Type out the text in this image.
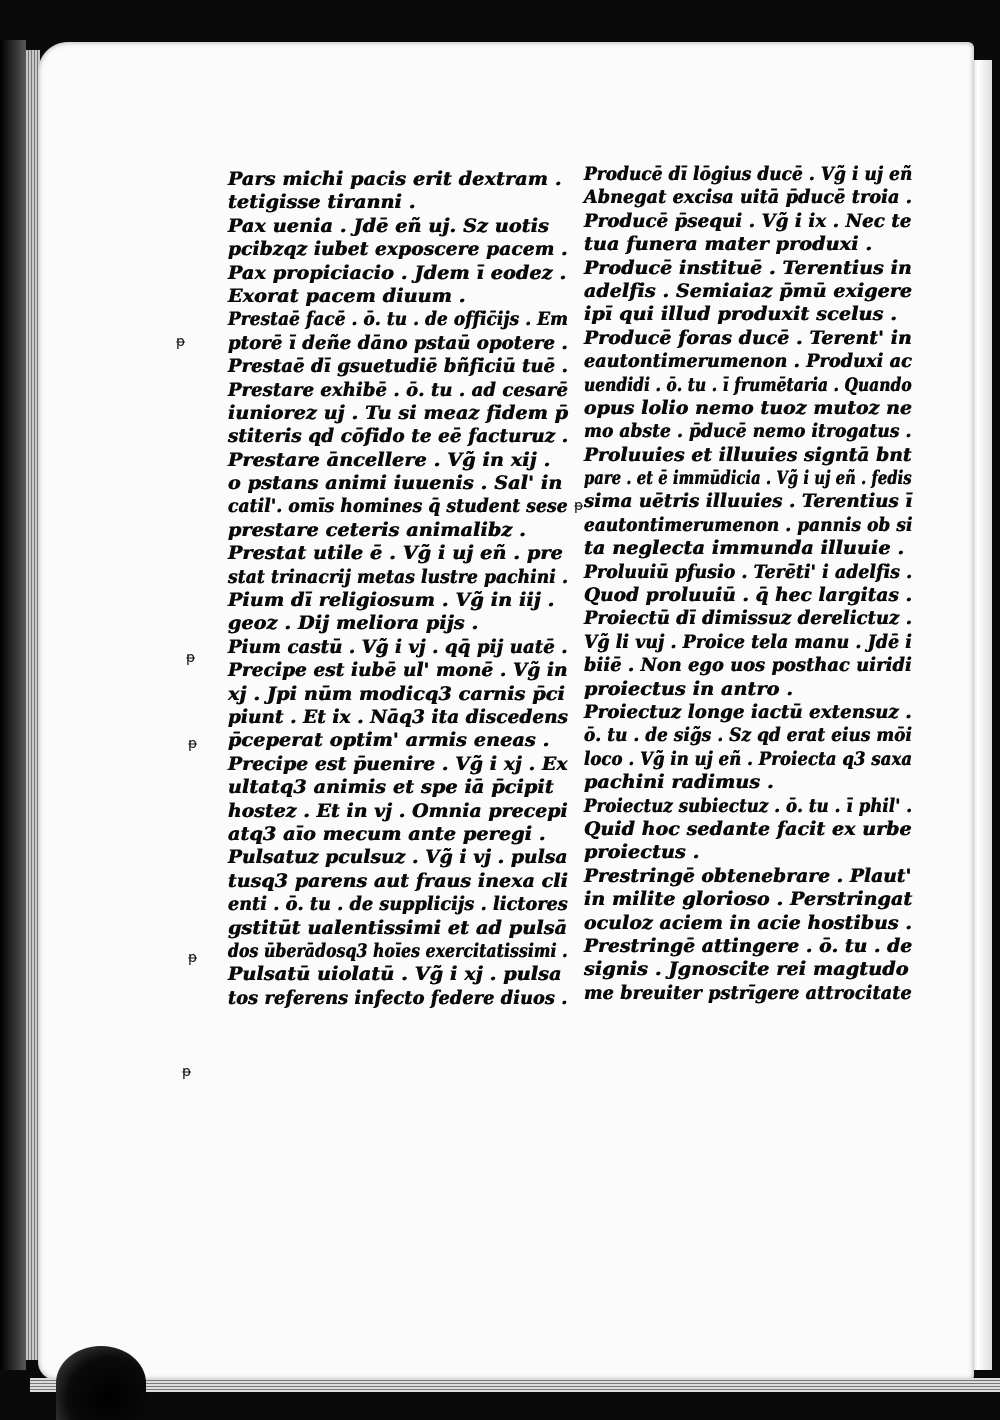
Pars michi pacis erit dextram .
tetigisse tiranni .
Pax uenia . Jdē eñ uj. Sz uotis
pcibzqz iubet exposcere pacem .
Pax propiciacio . Jdem ī eodez .
Exorat pacem diuum .
Prestaē facē . ō. tu . de offic̄ijs . Em
ptorē ī deñe dāno pstaū opotere .
Prestaē dī ɡsuetudiē bñficiū tuē .
Prestare exhibē . ō. tu . ad cesarē
iuniorez uj . Tu si meaz fidem p̄
stiteris qd cōfido te eē facturuz .
Prestare āncellere . Vg̃ in xij .
o pstans animi iuuenis . Sal' in
catil'. omīs homines q̄ student sese
prestare ceteris animalibz .
Prestat utile ē . Vg̃ i uj eñ . pre
stat trinacrij metas lustre pachini .
Pium dī religiosum . Vg̃ in iij .
geoz . Dij meliora pijs .
Pium castū . Vg̃ i vj . qq̄ pij uatē .
Precipe est iubē ul' monē . Vg̃ in
xj . Jpi nūm modicq3 carnis p̄ci
piunt . Et ix . Nāq3 ita discedens
p̄ceperat optim' armis eneas .
Precipe est p̄uenire . Vg̃ i xj . Ex
ultatq3 animis et spe iā p̄cipit
hostez . Et in vj . Omnia precepi
atq3 aīo mecum ante peregi .
Pulsatuz pculsuz . Vg̃ i vj . pulsa
tusq3 parens aut fraus inexa cli
enti . ō. tu . de supplicijs . lictores
ɡstitūt ualentissimi et ad pulsā
dos ūberādosq3 hoīes exercitatissimi .
Pulsatū uiolatū . Vg̃ i xj . pulsa
tos referens infecto federe diuos .
Producē dī lōgius ducē . Vg̃ i uj eñ
Abnegat excisa uitā p̄ducē troia .
Producē p̄sequi . Vg̃ i ix . Nec te
tua funera mater produxi .
Producē instituē . Terentius in
adelfis . Semiaiaz p̄mū exigere
ipī qui illud produxit scelus .
Producē foras ducē . Terent' in
eautontimerumenon . Produxi ac
uendidi . ō. tu . ī frumētaria . Quando
opus lolio nemo tuoz mutoz ne
mo abste . p̄ducē nemo itrogatus .
Proluuies et illuuies signtā bnt
pare . et ē immūdicia . Vg̃ i uj eñ . fedis
sima uētris illuuies . Terentius ī
eautontimerumenon . pannis ob si
ta neglecta immunda illuuie .
Proluuiū pfusio . Terēti' i adelfis .
Quod proluuiū . q̄ hec largitas .
Proiectū dī dimissuz derelictuz .
Vg̃ li vuj . Proice tela manu . Jdē i
biiē . Non ego uos posthac uiridi
proiectus in antro .
Proiectuz longe iactū extensuz .
ō. tu . de sig̃s . Sz qd erat eius mōi
loco . Vg̃ in uj eñ . Proiecta q3 saxa
pachini radimus .
Proiectuz subiectuz . ō. tu . ī phil' .
Quid hoc sedante facit ex urbe
proiectus .
Prestringē obtenebrare . Plaut'
in milite glorioso . Perstringat
oculoz aciem in acie hostibus .
Prestringē attingere . ō. tu . de
signis . Jgnoscite rei magtudo
me breuiter pstrīgere attrocitate
ᵽ
ᵽ
ᵽ
ᵽ
ᵽ
ᵽ
